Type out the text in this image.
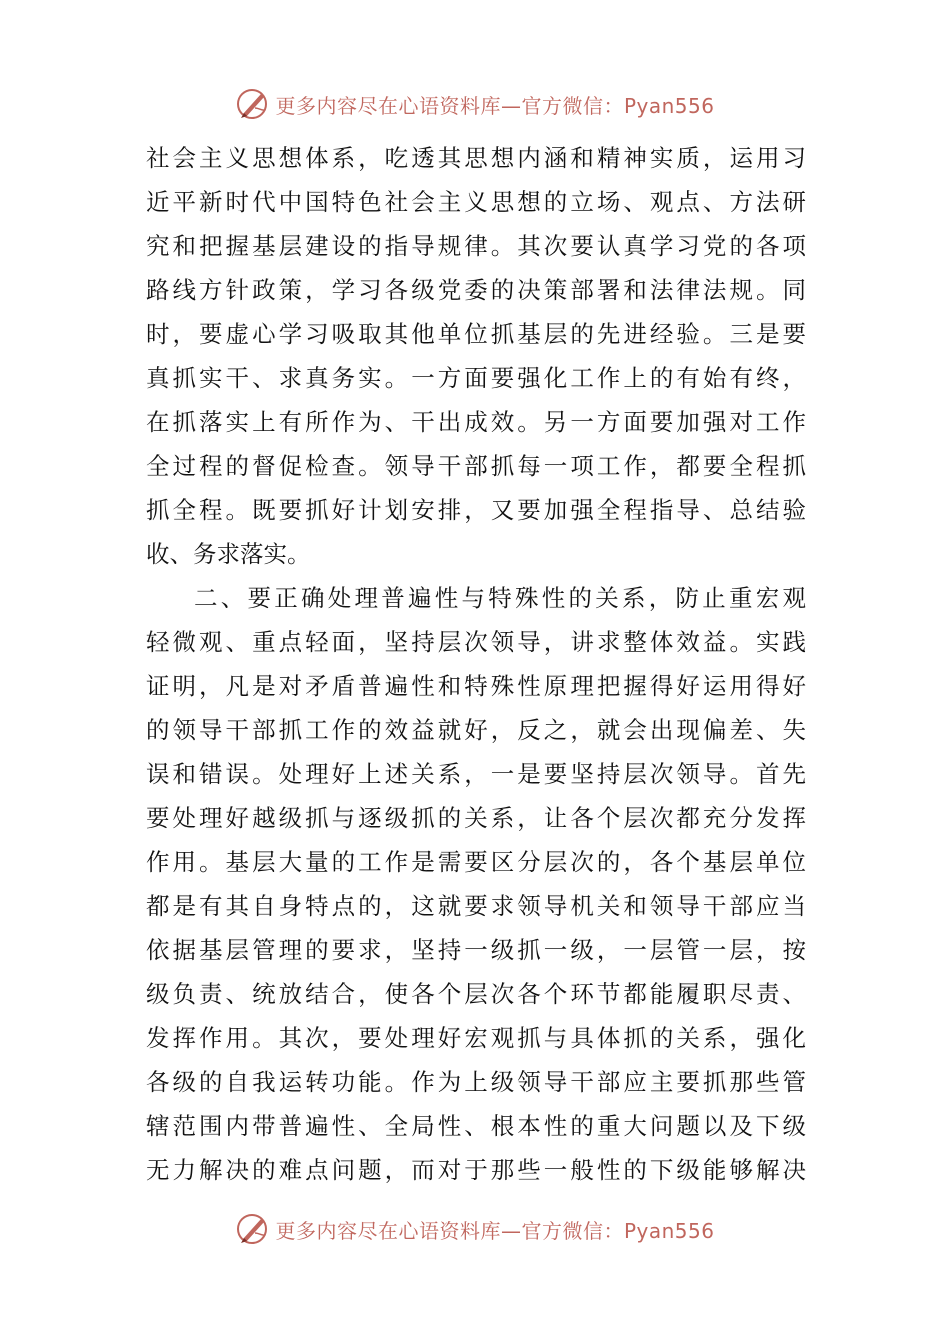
更多内容尽在心语资料库—官方微信：Pyan556
社会主义思想体系，吃透其思想内涵和精神实质，运用习
近平新时代中国特色社会主义思想的立场、观点、方法研
究和把握基层建设的指导规律。其次要认真学习党的各项
路线方针政策，学习各级党委的决策部署和法律法规。同
时，要虚心学习吸取其他单位抓基层的先进经验。三是要
真抓实干、求真务实。一方面要强化工作上的有始有终，
在抓落实上有所作为、干出成效。另一方面要加强对工作
全过程的督促检查。领导干部抓每一项工作，都要全程抓
抓全程。既要抓好计划安排，又要加强全程指导、总结验
收、务求落实。
二、要正确处理普遍性与特殊性的关系，防止重宏观
轻微观、重点轻面，坚持层次领导，讲求整体效益。实践
证明，凡是对矛盾普遍性和特殊性原理把握得好运用得好
的领导干部抓工作的效益就好，反之，就会出现偏差、失
误和错误。处理好上述关系，一是要坚持层次领导。首先
要处理好越级抓与逐级抓的关系，让各个层次都充分发挥
作用。基层大量的工作是需要区分层次的，各个基层单位
都是有其自身特点的，这就要求领导机关和领导干部应当
依据基层管理的要求，坚持一级抓一级，一层管一层，按
级负责、统放结合，使各个层次各个环节都能履职尽责、
发挥作用。其次，要处理好宏观抓与具体抓的关系，强化
各级的自我运转功能。作为上级领导干部应主要抓那些管
辖范围内带普遍性、全局性、根本性的重大问题以及下级
无力解决的难点问题，而对于那些一般性的下级能够解决
更多内容尽在心语资料库—官方微信：Pyan556
